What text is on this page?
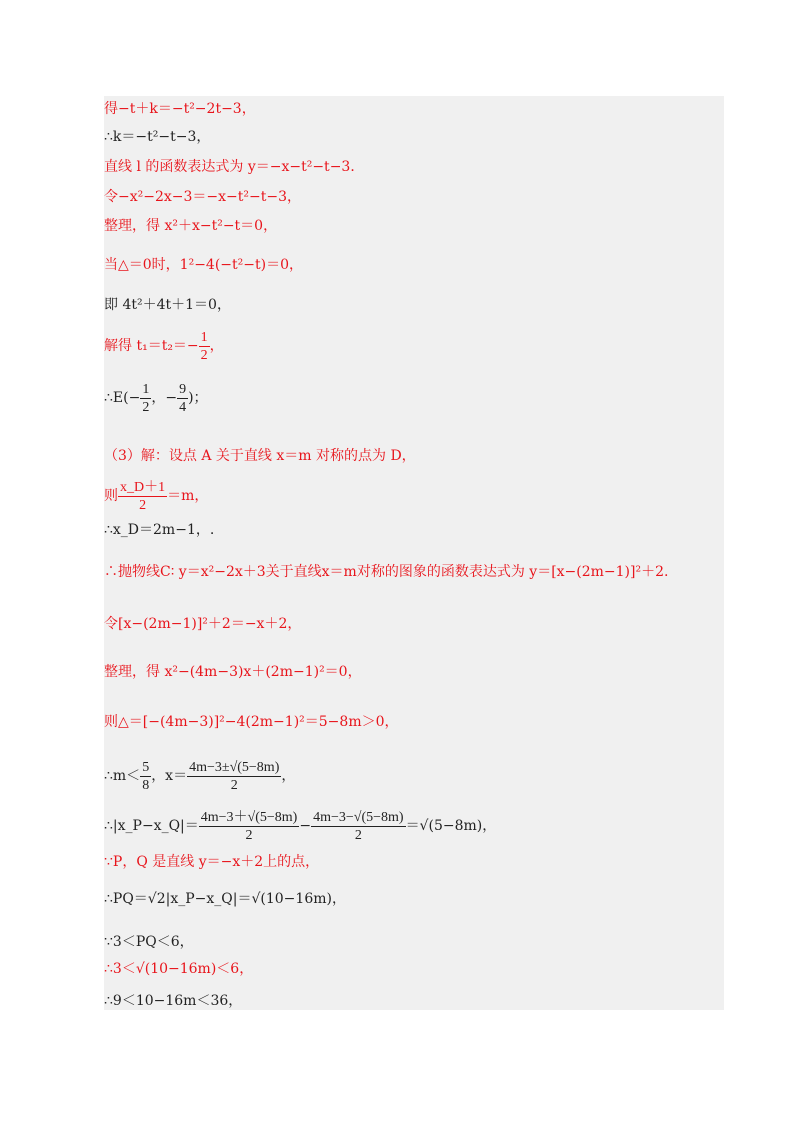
得−t＋k＝−t²−2t−3，
∴k＝−t²−t−3，
直线 l 的函数表达式为 y＝−x−t²−t−3．
令−x²−2x−3＝−x−t²−t−3，
整理，得 x²＋x−t²−t＝0，
当△＝0时，1²−4(−t²−t)＝0，
即 4t²＋4t＋1＝0，
解得 $t_1=t_2=- \frac{1}{2}$ ，
∴E(− $\frac{1}{2}$ ，− $\frac{9}{4}$ )；
（3）解：设点 A 关于直线 x＝m 对称的点为 D，
则 $\frac{x\_D+1}{2} =m$，
∴x_D＝2m−1，.
∴抛物线C∶ y＝x²−2x＋3关于直线x＝m对称的图象的函数表达式为 y＝[x−(2m−1)]²＋2.
令[x−(2m−1)]²＋2＝−x＋2，
整理，得 x²−(4m−3)x＋(2m−1)²＝0，
则△＝[−(4m−3)]²−4(2m−1)²＝5−8m＞0，
∴m＜ $\frac{5}{8}$ ，$x= \frac{4m-3\pm√(5-8m)}{2}$ ，
∴|x_P−x_Q|＝ $\frac{4m-3+√(5-8m)}{2} - \frac{4m-3-√(5-8m)}{2} =√(5-8m)$，
∵P，Q 是直线 y＝−x＋2上的点，
∴PQ＝√2|x_P−x_Q|＝√(10−16m)，
∵3＜PQ＜6，
∴3＜√(10−16m)＜6，
∴9＜10−16m＜36，
